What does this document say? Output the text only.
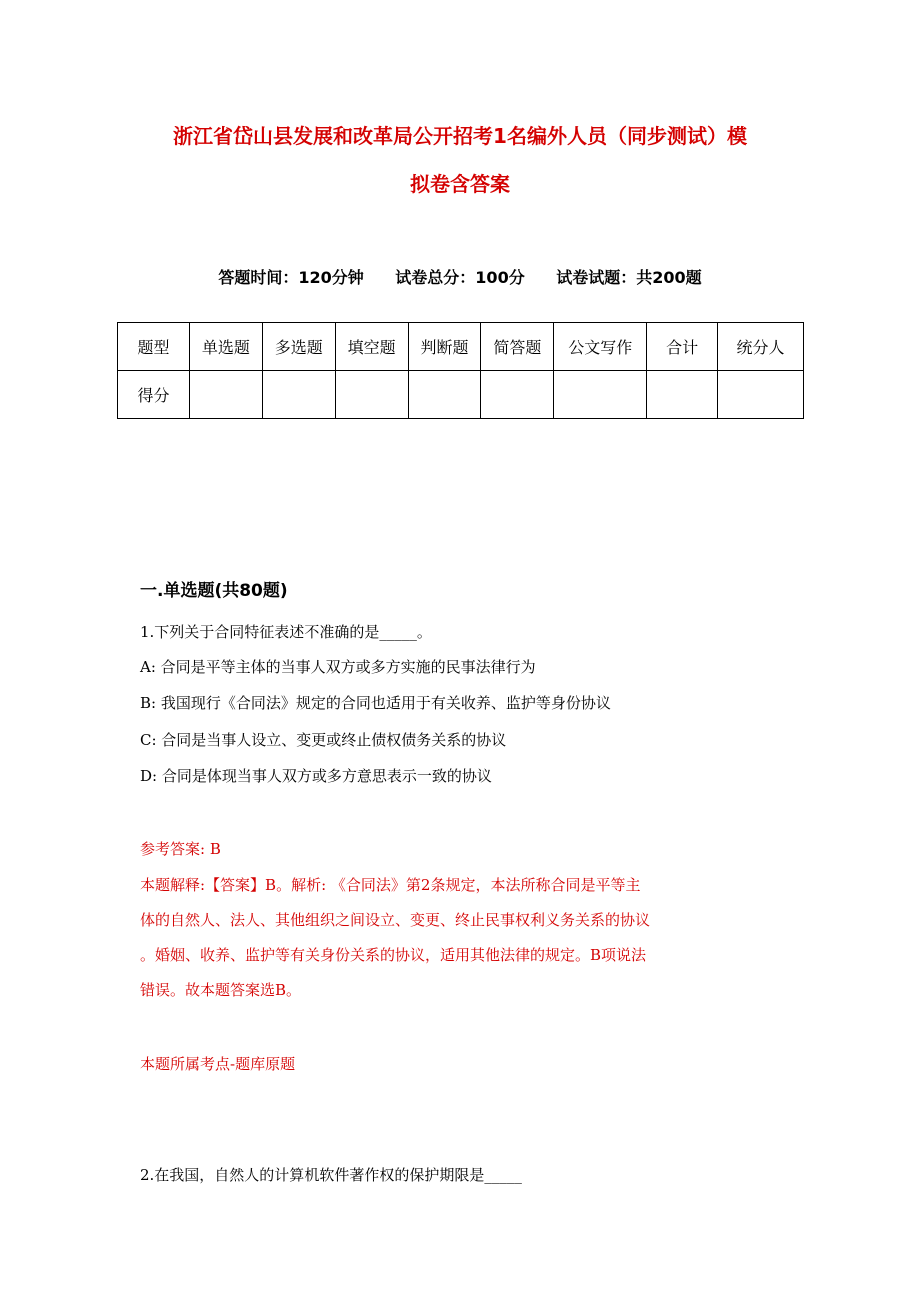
浙江省岱山县发展和改革局公开招考1名编外人员（同步测试）模
拟卷含答案
答题时间：120分钟 试卷总分：100分 试卷试题：共200题
题型	单选题	多选题	填空题	判断题	简答题	公文写作	合计	统分人
得分								
一.单选题(共80题)
1.下列关于合同特征表述不准确的是_____。
A: 合同是平等主体的当事人双方或多方实施的民事法律行为
B: 我国现行《合同法》规定的合同也适用于有关收养、监护等身份协议
C: 合同是当事人设立、变更或终止债权债务关系的协议
D: 合同是体现当事人双方或多方意思表示一致的协议
参考答案: B
本题解释:【答案】B。解析: 《合同法》第2条规定，本法所称合同是平等主
体的自然人、法人、其他组织之间设立、变更、终止民事权利义务关系的协议
。婚姻、收养、监护等有关身份关系的协议，适用其他法律的规定。B项说法
错误。故本题答案选B。
本题所属考点-题库原题
2.在我国，自然人的计算机软件著作权的保护期限是_____
